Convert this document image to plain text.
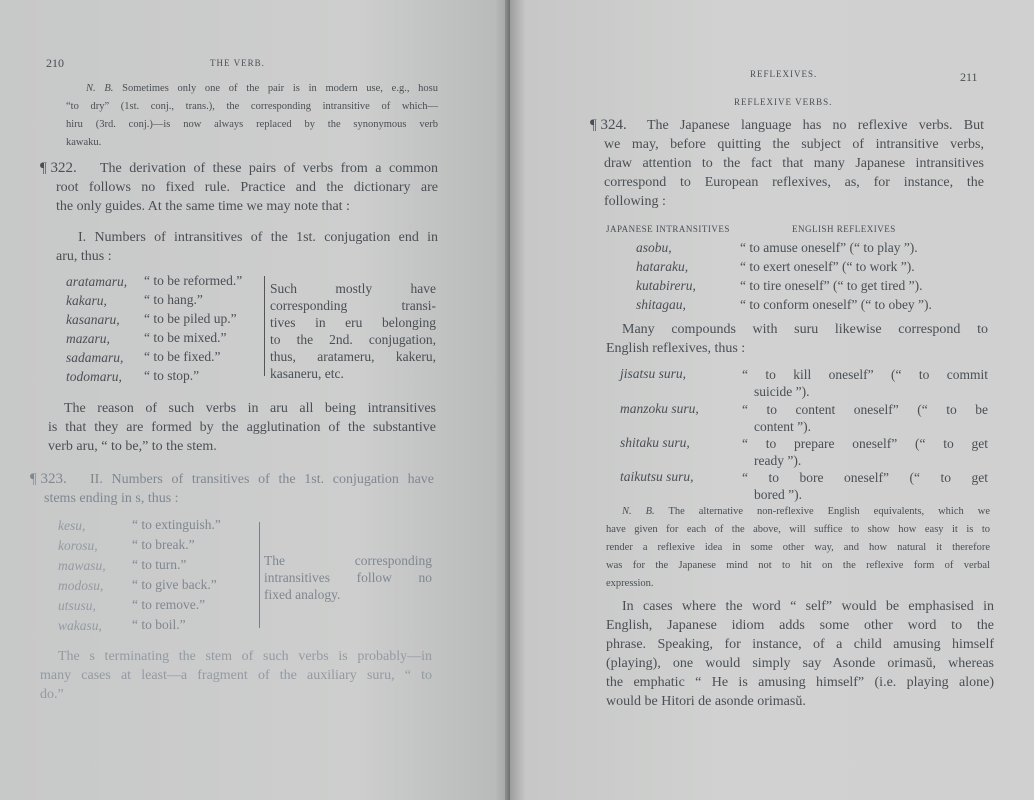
210	THE VERB.
N. B. Sometimes only one of the pair is in modern use, e.g., hosu
“to dry” (1st. conj., trans.), the corresponding intransitive of which—
hiru (3rd. conj.)—is now always replaced by the synonymous verb
kawaku.
¶ 322. The derivation of these pairs of verbs from a common
root follows no fixed rule. Practice and the dictionary are
the only guides. At the same time we may note that :
I. Numbers of intransitives of the 1st. conjugation end in
aru, thus :
aratamaru, “ to be reformed.”
kakaru,	“ to hang.”
kasanaru, “ to be piled up.”
mazaru,	“ to be mixed.”
sadamaru, “ to be fixed.”
todomaru, “ to stop.”
Such mostly have
corresponding transi-
tives in eru belonging
to the 2nd. conjugation,
thus, aratameru, kakeru,
kasaneru, etc.
The reason of such verbs in aru all being intransitives
is that they are formed by the agglutination of the substantive
verb aru, “ to be,” to the stem.
¶ 323. II. Numbers of transitives of the 1st. conjugation have
stems ending in s, thus :
kesu,	“ to extinguish.”
korosu,	“ to break.”
mawasu, “ to turn.”
modosu, “ to give back.”
utsusu,	“ to remove.”
wakasu, “ to boil.”
The corresponding
intransitives follow no
fixed analogy.
The s terminating the stem of such verbs is probably—in
many cases at least—a fragment of the auxiliary suru, “ to
do.”
REFLEXIVES.	211
REFLEXIVE VERBS.
¶ 324. The Japanese language has no reflexive verbs. But
we may, before quitting the subject of intransitive verbs,
draw attention to the fact that many Japanese intransitives
correspond to European reflexives, as, for instance, the
following :
JAPANESE INTRANSITIVES	ENGLISH REFLEXIVES
asobu,	“ to amuse oneself” (“ to play ”).
hataraku,	“ to exert oneself” (“ to work ”).
kutabireru,	“ to tire oneself” (“ to get tired ”).
shitagau,	“ to conform oneself” (“ to obey ”).
Many compounds with suru likewise correspond to
English reflexives, thus :
jisatsu suru,	“ to kill oneself” (“ to commit
suicide ”).
manzoku suru,	“ to content oneself” (“ to be
content ”).
shitaku suru,	“ to prepare oneself” (“ to get
ready ”).
taikutsu suru,	“ to bore oneself” (“ to get
bored ”).
N. B. The alternative non-reflexive English equivalents, which we
have given for each of the above, will suffice to show how easy it is to
render a reflexive idea in some other way, and how natural it therefore
was for the Japanese mind not to hit on the reflexive form of verbal
expression.
In cases where the word “ self” would be emphasised in
English, Japanese idiom adds some other word to the
phrase. Speaking, for instance, of a child amusing himself
(playing), one would simply say Asonde orimasŭ, whereas
the emphatic “ He is amusing himself” (i.e. playing alone)
would be Hitori de asonde orimasŭ.
